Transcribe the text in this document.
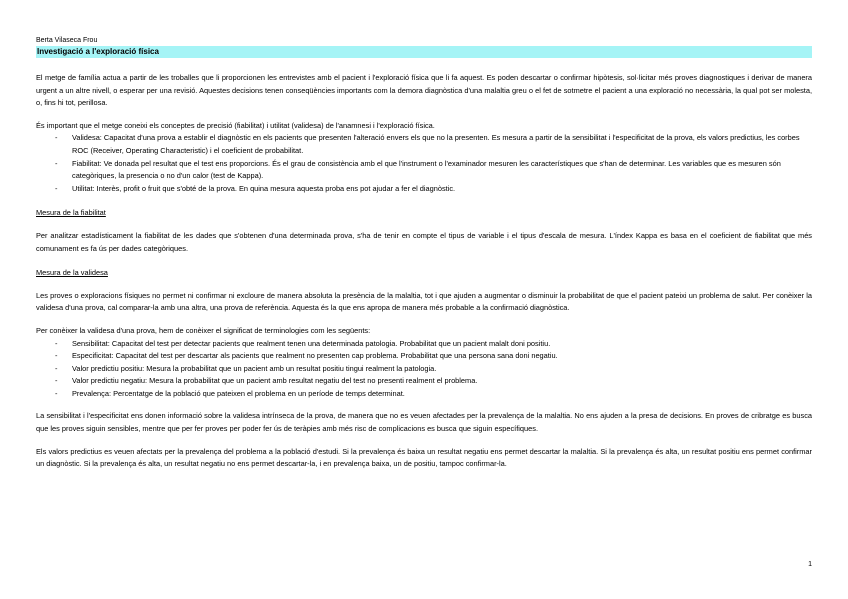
Berta Vilaseca Frou
Investigació a l'exploració física

El metge de família actua a partir de les troballes que li proporcionen les entrevistes amb el pacient i l'exploració física que li fa aquest. Es poden descartar o confirmar hipòtesis, sol·licitar més proves diagnostiques i derivar de manera urgent a un altre nivell, o esperar per una revisió. Aquestes decisions tenen conseqüències importants com la demora diagnòstica d'una malaltia greu o el fet de sotmetre el pacient a una exploració no necessària, la qual pot ser molesta, o, fins hi tot, perillosa.

És important que el metge coneixi els conceptes de precisió (fiabilitat) i utilitat (validesa) de l'anamnesi i l'exploració física.

- Validesa: Capacitat d'una prova a establir el diagnòstic en els pacients que presenten l'alteració envers els que no la presenten. Es mesura a partir de la sensibilitat i l'especificitat de la prova, els valors predictius, les corbes ROC (Receiver, Operating Characteristic) i el coeficient de probabilitat.
- Fiabilitat: Ve donada pel resultat que el test ens proporcions. És el grau de consistència amb el que l'instrument o l'examinador mesuren les característiques que s'han de determinar. Les variables que es mesuren són categòriques, la presencia o no d'un calor (test de Kappa).
- Utilitat: Interès, profit o fruit que s'obté de la prova. En quina mesura aquesta proba ens pot ajudar a fer el diagnòstic.

Mesura de la fiabilitat

Per analitzar estadísticament la fiabilitat de les dades que s'obtenen d'una determinada prova, s'ha de tenir en compte el tipus de variable i el tipus d'escala de mesura. L'índex Kappa es basa en el coeficient de fiabilitat que més comunament es fa ús per dades categòriques.

Mesura de la validesa

Les proves o exploracions físiques no permet ni confirmar ni excloure de manera absoluta la presència de la malaltia, tot i que ajuden a augmentar o disminuir la probabilitat de que el pacient pateixi un problema de salut. Per conèixer la validesa d'una prova, cal comparar-la amb una altra, una prova de referència. Aquesta és la que ens apropa de manera més probable a la confirmació diagnòstica.

Per conèixer la validesa d'una prova, hem de conèixer el significat de terminologies com les següents:

- Sensibilitat: Capacitat del test per detectar pacients que realment tenen una determinada patologia. Probabilitat que un pacient malalt doni positiu.
- Especificitat: Capacitat del test per descartar als pacients que realment no presenten cap problema. Probabilitat que una persona sana doni negatiu.
- Valor predictiu positiu: Mesura la probabilitat que un pacient amb un resultat positiu tingui realment la patologia.
- Valor predictiu negatiu: Mesura la probabilitat que un pacient amb resultat negatiu del test no presenti realment el problema.
- Prevalença: Percentatge de la població que pateixen el problema en un període de temps determinat.

La sensibilitat i l'especificitat ens donen informació sobre la validesa intrínseca de la prova, de manera que no es veuen afectades per la prevalença de la malaltia. No ens ajuden a la presa de decisions. En proves de cribratge es busca que les proves siguin sensibles, mentre que per fer proves per poder fer ús de teràpies amb més risc de complicacions es busca que siguin específiques.

Els valors predictius es veuen afectats per la prevalença del problema a la població d'estudi. Si la prevalença és baixa un resultat negatiu ens permet descartar la malaltia. Si la prevalença és alta, un resultat positiu ens permet confirmar un diagnòstic. Si la prevalença és alta, un resultat negatiu no ens permet descartar-la, i en prevalença baixa, un de positiu, tampoc confirmar-la.

1
